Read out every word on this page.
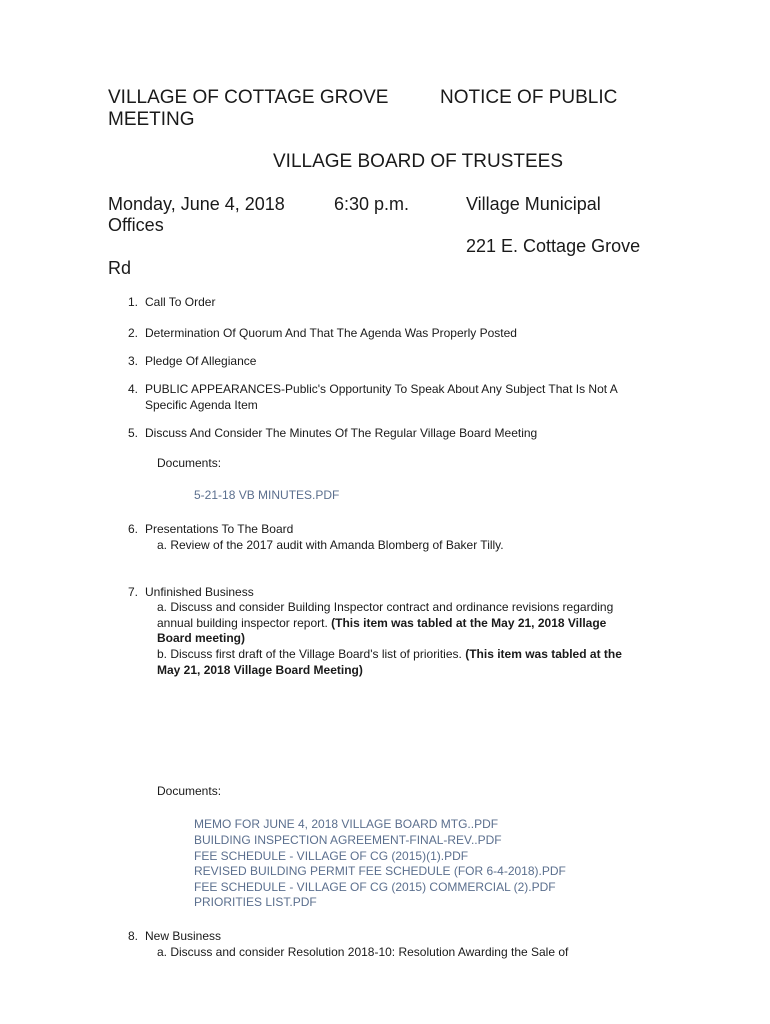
VILLAGE OF COTTAGE GROVE	NOTICE OF PUBLIC
MEETING
VILLAGE BOARD OF TRUSTEES
Monday, June 4, 2018	6:30 p.m.	Village Municipal
Offices
221 E. Cottage Grove
Rd
1. Call To Order
2. Determination Of Quorum And That The Agenda Was Properly Posted
3. Pledge Of Allegiance
4. PUBLIC APPEARANCES-Public's Opportunity To Speak About Any Subject That Is Not A
Specific Agenda Item
5. Discuss And Consider The Minutes Of The Regular Village Board Meeting
Documents:
5-21-18 VB MINUTES.PDF
6. Presentations To The Board
a. Review of the 2017 audit with Amanda Blomberg of Baker Tilly.
7. Unfinished Business
a. Discuss and consider Building Inspector contract and ordinance revisions regarding
annual building inspector report. (This item was tabled at the May 21, 2018 Village
Board meeting)
b. Discuss first draft of the Village Board's list of priorities. (This item was tabled at the
May 21, 2018 Village Board Meeting)
Documents:
MEMO FOR JUNE 4, 2018 VILLAGE BOARD MTG..PDF
BUILDING INSPECTION AGREEMENT-FINAL-REV..PDF
FEE SCHEDULE - VILLAGE OF CG (2015)(1).PDF
REVISED BUILDING PERMIT FEE SCHEDULE (FOR 6-4-2018).PDF
FEE SCHEDULE - VILLAGE OF CG (2015) COMMERCIAL (2).PDF
PRIORITIES LIST.PDF
8. New Business
a. Discuss and consider Resolution 2018-10: Resolution Awarding the Sale of
